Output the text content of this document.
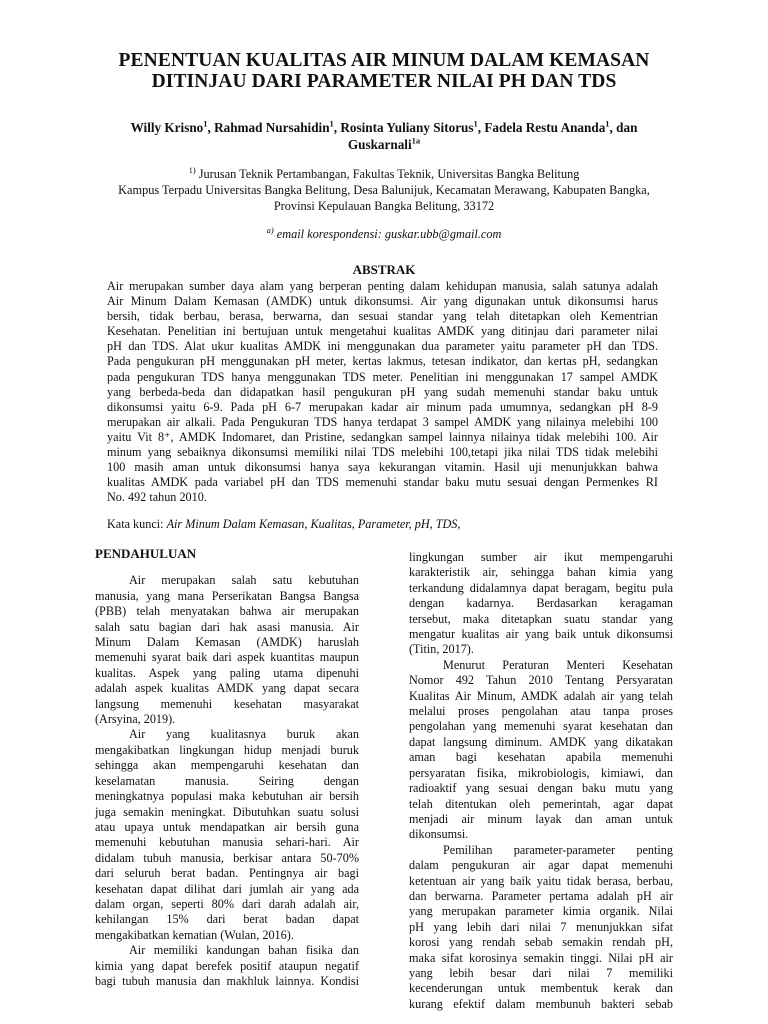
PENENTUAN KUALITAS AIR MINUM DALAM KEMASAN
DITINJAU DARI PARAMETER NILAI PH DAN TDS
Willy Krisno$^1$, Rahmad Nursahidin$^1$, Rosinta Yuliany Sitorus$^1$, Fadela Restu Ananda$^1$, dan
Guskarnali$^{1a}$
$^{1)}$ Jurusan Teknik Pertambangan, Fakultas Teknik, Universitas Bangka Belitung
Kampus Terpadu Universitas Bangka Belitung, Desa Balunijuk, Kecamatan Merawang, Kabupaten Bangka,
Provinsi Kepulauan Bangka Belitung, 33172
$^{a)}$ email korespondensi: guskar.ubb@gmail.com
ABSTRAK
Air merupakan sumber daya alam yang berperan penting dalam kehidupan manusia, salah satunya adalah
Air Minum Dalam Kemasan (AMDK) untuk dikonsumsi. Air yang digunakan untuk dikonsumsi harus
bersih, tidak berbau, berasa, berwarna, dan sesuai standar yang telah ditetapkan oleh Kementrian
Kesehatan. Penelitian ini bertujuan untuk mengetahui kualitas AMDK yang ditinjau dari parameter nilai
pH dan TDS. Alat ukur kualitas AMDK ini menggunakan dua parameter yaitu parameter pH dan TDS.
Pada pengukuran pH menggunakan pH meter, kertas lakmus, tetesan indikator, dan kertas pH, sedangkan
pada pengukuran TDS hanya menggunakan TDS meter. Penelitian ini menggunakan 17 sampel AMDK
yang berbeda-beda dan didapatkan hasil pengukuran pH yang sudah memenuhi standar baku untuk
dikonsumsi yaitu 6-9. Pada pH 6-7 merupakan kadar air minum pada umumnya, sedangkan pH 8-9
merupakan air alkali. Pada Pengukuran TDS hanya terdapat 3 sampel AMDK yang nilainya melebihi 100
yaitu Vit 8⁺, AMDK Indomaret, dan Pristine, sedangkan sampel lainnya nilainya tidak melebihi 100. Air
minum yang sebaiknya dikonsumsi memiliki nilai TDS melebihi 100,tetapi jika nilai TDS tidak melebihi
100 masih aman untuk dikonsumsi hanya saya kekurangan vitamin. Hasil uji menunjukkan bahwa
kualitas AMDK pada variabel pH dan TDS memenuhi standar baku mutu sesuai dengan Permenkes RI
No. 492 tahun 2010.
Kata kunci: Air Minum Dalam Kemasan, Kualitas, Parameter, pH, TDS,
PENDAHULUAN
Air merupakan salah satu kebutuhan
manusia, yang mana Perserikatan Bangsa Bangsa
(PBB) telah menyatakan bahwa air merupakan
salah satu bagian dari hak asasi manusia. Air
Minum Dalam Kemasan (AMDK) haruslah
memenuhi syarat baik dari aspek kuantitas maupun
kualitas. Aspek yang paling utama dipenuhi
adalah aspek kualitas AMDK yang dapat secara
langsung memenuhi kesehatan masyarakat
(Arsyina, 2019).
Air yang kualitasnya buruk akan
mengakibatkan lingkungan hidup menjadi buruk
sehingga akan mempengaruhi kesehatan dan
keselamatan manusia. Seiring dengan
meningkatnya populasi maka kebutuhan air bersih
juga semakin meningkat. Dibutuhkan suatu solusi
atau upaya untuk mendapatkan air bersih guna
memenuhi kebutuhan manusia sehari-hari. Air
didalam tubuh manusia, berkisar antara 50-70%
dari seluruh berat badan. Pentingnya air bagi
kesehatan dapat dilihat dari jumlah air yang ada
dalam organ, seperti 80% dari darah adalah air,
kehilangan 15% dari berat badan dapat
mengakibatkan kematian (Wulan, 2016).
Air memiliki kandungan bahan fisika dan
kimia yang dapat berefek positif ataupun negatif
bagi tubuh manusia dan makhluk lainnya. Kondisi
lingkungan sumber air ikut mempengaruhi
karakteristik air, sehingga bahan kimia yang
terkandung didalamnya dapat beragam, begitu pula
dengan kadarnya. Berdasarkan keragaman
tersebut, maka ditetapkan suatu standar yang
mengatur kualitas air yang baik untuk dikonsumsi
(Titin, 2017).
Menurut Peraturan Menteri Kesehatan
Nomor 492 Tahun 2010 Tentang Persyaratan
Kualitas Air Minum, AMDK adalah air yang telah
melalui proses pengolahan atau tanpa proses
pengolahan yang memenuhi syarat kesehatan dan
dapat langsung diminum. AMDK yang dikatakan
aman bagi kesehatan apabila memenuhi
persyaratan fisika, mikrobiologis, kimiawi, dan
radioaktif yang sesuai dengan baku mutu yang
telah ditentukan oleh pemerintah, agar dapat
menjadi air minum layak dan aman untuk
dikonsumsi.
Pemilihan parameter-parameter penting
dalam pengukuran air agar dapat memenuhi
ketentuan air yang baik yaitu tidak berasa, berbau,
dan berwarna. Parameter pertama adalah pH air
yang merupakan parameter kimia organik. Nilai
pH yang lebih dari nilai 7 menunjukkan sifat
korosi yang rendah sebab semakin rendah pH,
maka sifat korosinya semakin tinggi. Nilai pH air
yang lebih besar dari nilai 7 memiliki
kecenderungan untuk membentuk kerak dan
kurang efektif dalam membunuh bakteri sebab
